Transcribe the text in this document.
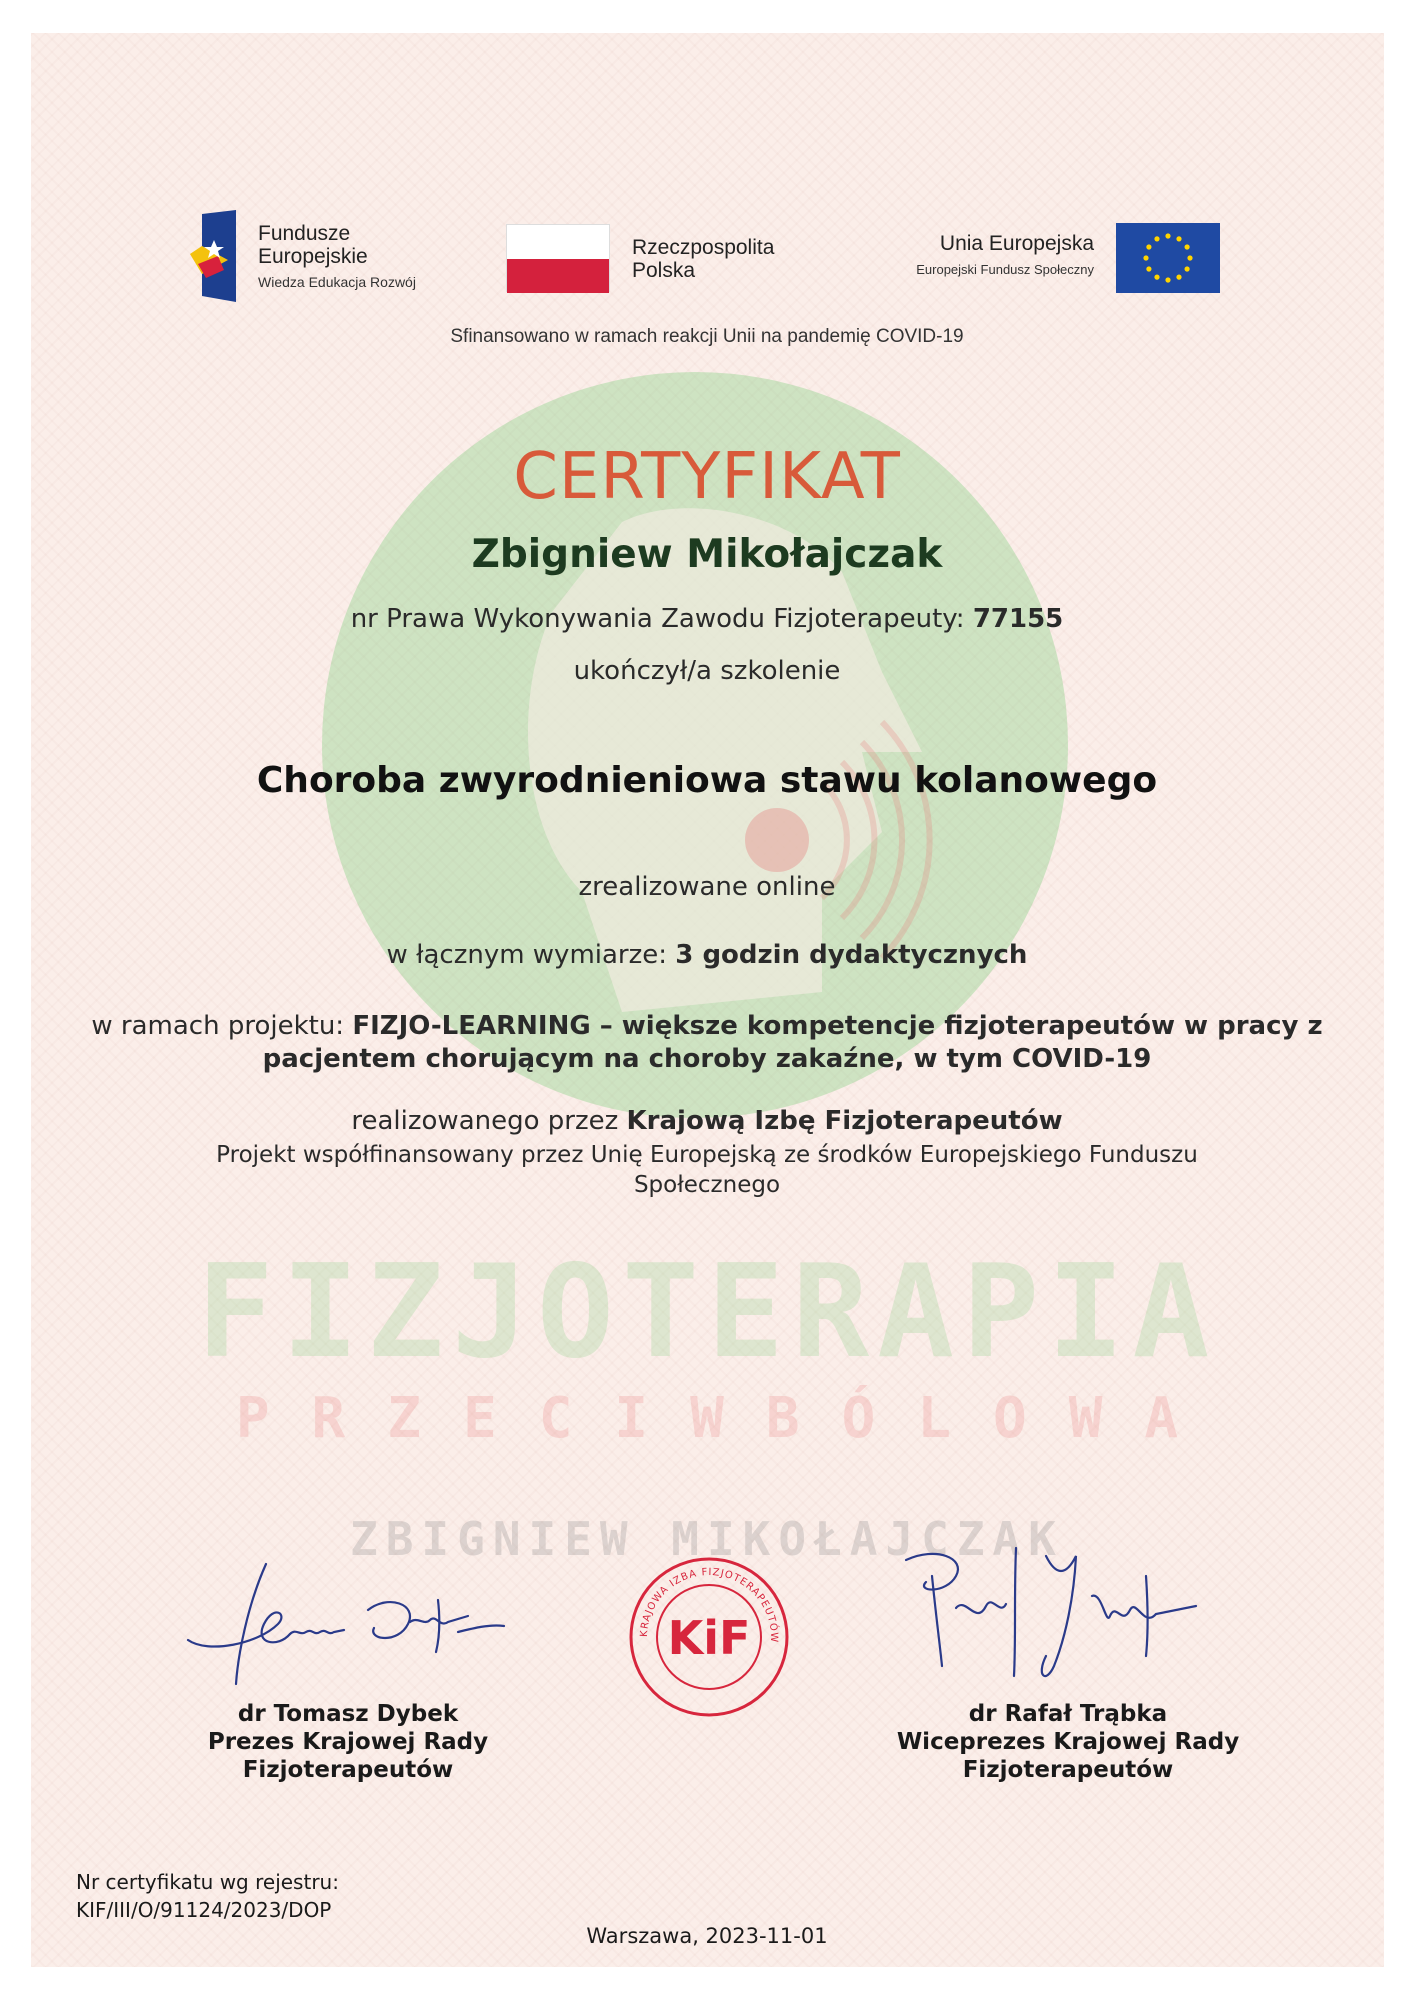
FIZJOTERAPIA
PRZECIWBÓLOWA
ZBIGNIEW MIKOŁAJCZAK
Fundusze
Europejskie
Wiedza Edukacja Rozwój
Rzeczpospolita
Polska
Unia Europejska
Europejski Fundusz Społeczny
Sfinansowano w ramach reakcji Unii na pandemię COVID-19
CERTYFIKAT
Zbigniew Mikołajczak
nr Prawa Wykonywania Zawodu Fizjoterapeuty: 77155
ukończył/a szkolenie
Choroba zwyrodnieniowa stawu kolanowego
zrealizowane online
w łącznym wymiarze: 3 godzin dydaktycznych
w ramach projektu: FIZJO-LEARNING – większe kompetencje fizjoterapeutów w pracy z pacjentem chorującym na choroby zakaźne, w tym COVID-19
realizowanego przez Krajową Izbę Fizjoterapeutów
Projekt współfinansowany przez Unię Europejską ze środków Europejskiego Funduszu Społecznego
KRAJOWA IZBA FIZJOTERAPEUTÓW
KiF
dr Tomasz Dybek
Prezes Krajowej Rady
Fizjoterapeutów
dr Rafał Trąbka
Wiceprezes Krajowej Rady
Fizjoterapeutów
Nr certyfikatu wg rejestru:
KIF/III/O/91124/2023/DOP
Warszawa, 2023-11-01
